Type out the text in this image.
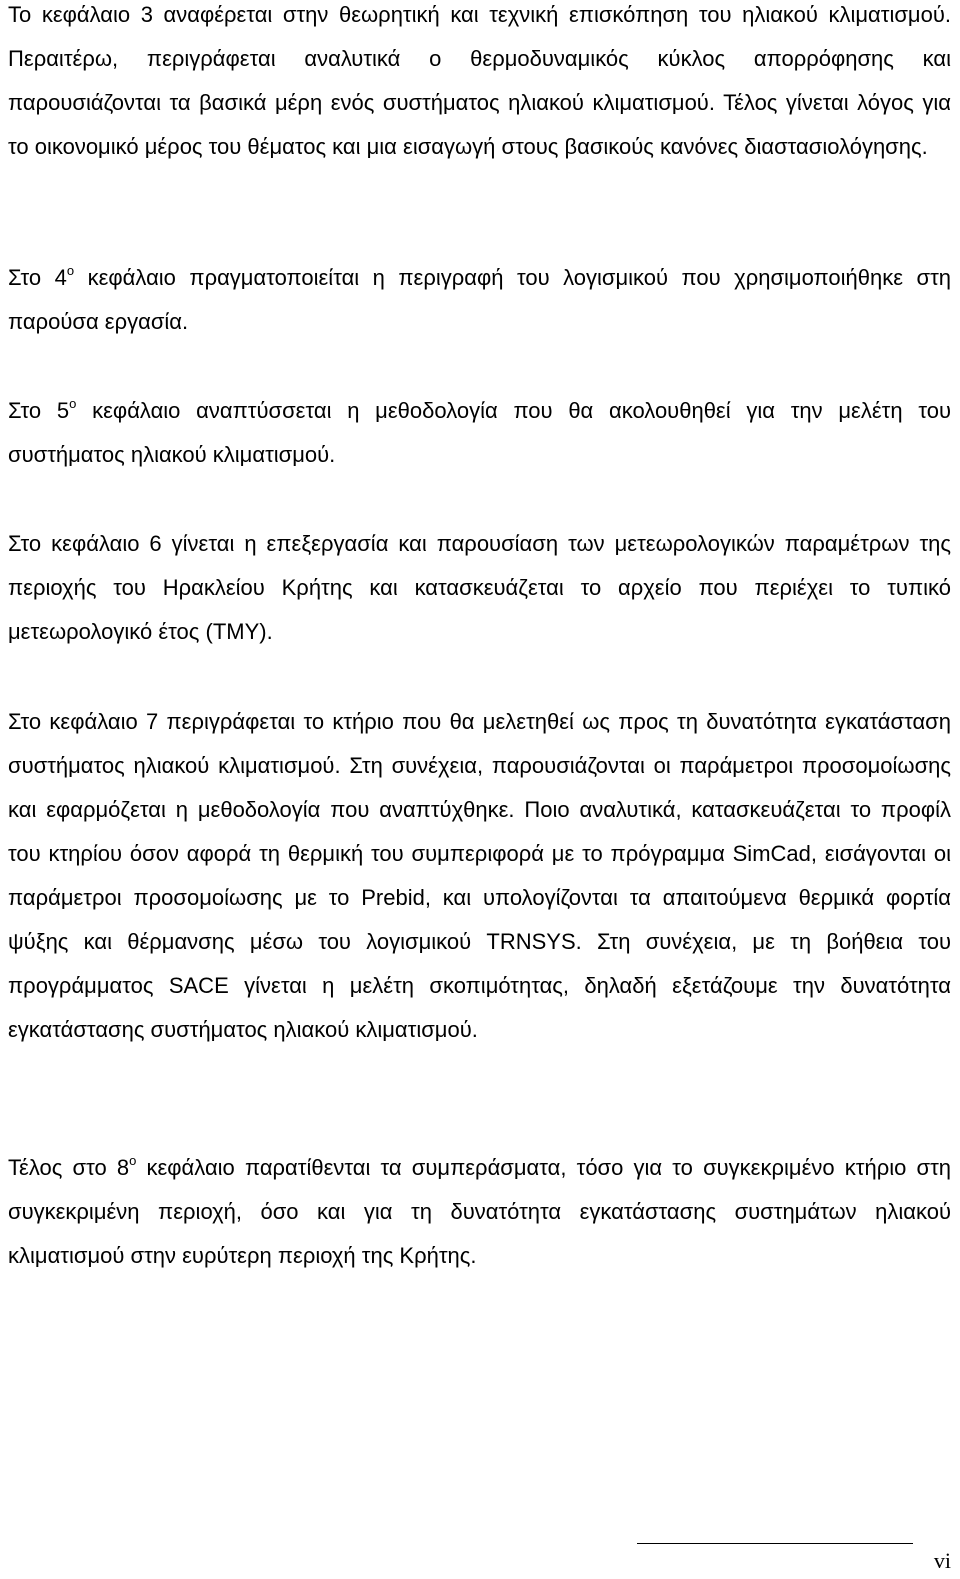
Το κεφάλαιο 3 αναφέρεται στην θεωρητική και τεχνική επισκόπηση του ηλιακού κλιματισμού. Περαιτέρω, περιγράφεται αναλυτικά ο θερμοδυναμικός κύκλος απορρόφησης και παρουσιάζονται τα βασικά μέρη ενός συστήματος ηλιακού κλιματισμού. Τέλος γίνεται λόγος για το οικονομικό μέρος του θέματος και μια εισαγωγή στους βασικούς κανόνες διαστασιολόγησης.

Στο $4^o$ κεφάλαιο πραγματοποιείται η περιγραφή του λογισμικού που χρησιμοποιήθηκε στη παρούσα εργασία.

Στο $5^o$ κεφάλαιο αναπτύσσεται η μεθοδολογία που θα ακολουθηθεί για την μελέτη του συστήματος ηλιακού κλιματισμού.

Στο κεφάλαιο 6 γίνεται η επεξεργασία και παρουσίαση των μετεωρολογικών παραμέτρων της περιοχής του Ηρακλείου Κρήτης και κατασκευάζεται το αρχείο που περιέχει το τυπικό μετεωρολογικό έτος (TMY).

Στο κεφάλαιο 7 περιγράφεται το κτήριο που θα μελετηθεί ως προς τη δυνατότητα εγκατάσταση συστήματος ηλιακού κλιματισμού. Στη συνέχεια, παρουσιάζονται οι παράμετροι προσομοίωσης και εφαρμόζεται η μεθοδολογία που αναπτύχθηκε. Ποιο αναλυτικά, κατασκευάζεται το προφίλ του κτηρίου όσον αφορά τη θερμική του συμπεριφορά με το πρόγραμμα SimCad, εισάγονται οι παράμετροι προσομοίωσης με το Prebid, και υπολογίζονται τα απαιτούμενα θερμικά φορτία ψύξης και θέρμανσης μέσω του λογισμικού TRNSYS. Στη συνέχεια, με τη βοήθεια του προγράμματος SACE γίνεται η μελέτη σκοπιμότητας, δηλαδή εξετάζουμε την δυνατότητα εγκατάστασης συστήματος ηλιακού κλιματισμού.

Τέλος στο $8^o$ κεφάλαιο παρατίθενται τα συμπεράσματα, τόσο για το συγκεκριμένο κτήριο στη συγκεκριμένη περιοχή, όσο και για τη δυνατότητα εγκατάστασης συστημάτων ηλιακού κλιματισμού στην ευρύτερη περιοχή της Κρήτης.

vi
